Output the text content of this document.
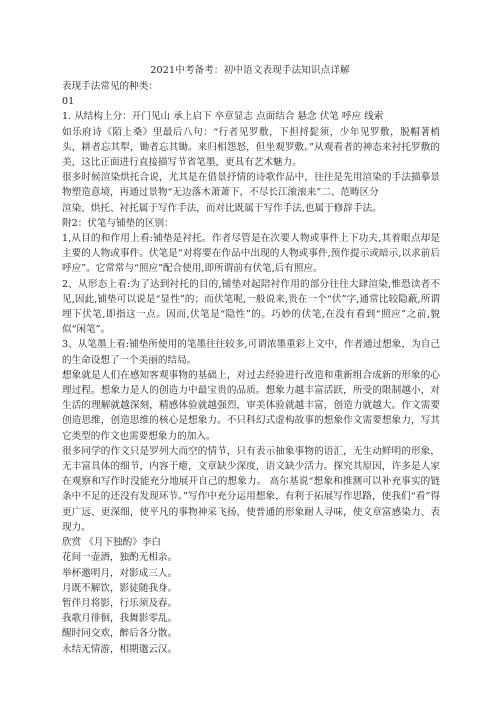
2021中考备考：初中语文表现手法知识点详解

表现手法常见的种类：

01

1. 从结构上分：开门见山 承上启下 卒章显志 点面结合 悬念 伏笔 呼应 线索

如乐府诗《陌上桑》里最后八句：“行者见罗敷，下担捋髭须，少年见罗敷，脱帽著梢头，耕者忘其犁，锄者忘其锄。来归相怨怒，但坐观罗敷。”从观看者的神态来衬托罗敷的美，这比正面进行直接描写节省笔墨，更具有艺术魅力。

很多时候渲染烘托合说，尤其是在借景抒情的诗歌作品中，往往是先用渲染的手法描摹景物塑造意境，再通过景物“无边落木萧萧下，不尽长江滚滚来”二、范畴区分

渲染、烘托、衬托属于写作手法，而对比既属于写作手法,也属于修辞手法。

附2：伏笔与铺垫的区别：

1,从目的和作用上看:铺垫是衬托。作者尽管是在次要人物或事件上下功夫,其着眼点却是主要的人物或事件。伏笔是“对将要在作品中出现的人物或事件,预作提示或暗示,以求前后呼应”。它常常与“照应”配合使用,即所谓前有伏笔,后有照应。

2、从形态上看:为了达到衬托的目的,铺垫对起陪衬作用的部分往往大肆渲染,惟恐读者不见,因此,铺垫可以说是“显性”的；而伏笔呢,一般说来,贵在一个“伏”字,通常比较隐蔽,所谓埋下伏笔,即指这一点。因而,伏笔是“隐性”的。巧妙的伏笔,在没有看到“照应”之前,貌似“闲笔”。

3、从笔墨上看:铺垫所使用的笔墨往往较多,可谓浓墨重彩上文中，作者通过想象，为自己的生命设想了一个美丽的结局。

想象就是人们在感知客观事物的基础上，对过去经验进行改造和重新组合成新的形象的心理过程。想象力是人的创造力中最宝贵的品质。想象力越丰富活跃，所受的限制越小，对生活的理解就越深刻，精感体验就越强烈，审美体验就越丰富，创造力就越大。作文需要创造思维，创造思维的核心是想象力。不只科幻式虚构故事的想象作文需要想象力，写其它类型的作文也需要想象力的加入。

很多同学的作文只是罗列大而空的情节，只有表示抽象事物的语汇，无生动鲜明的形象，无丰富具体的细节，内容干瘪，文章缺少深度，语文缺少活力。探究其原因，许多是人家在观察和写作时没能充分地展开自己的想象力。 高尔基说“想象和推测可以补充事实的链条中不足的还没有发现环节。”写作中充分运用想象，有利于拓展写作思路，使我们“看”得更广远、更深细，使平凡的事物神采飞扬，使普通的形象耐人寻味，使文章富感染力、表现力。

欣赏 《月下独酌》李白

花间一壶酒，独酌无相亲。

举杯邀明月，对影成三人。

月既不解饮，影徒随我身。

暂伴月将影，行乐须及春。

我歌月徘徊，我舞影零乱。

醒时同交欢，醉后各分散。

永结无情游，相期邈云汉。
